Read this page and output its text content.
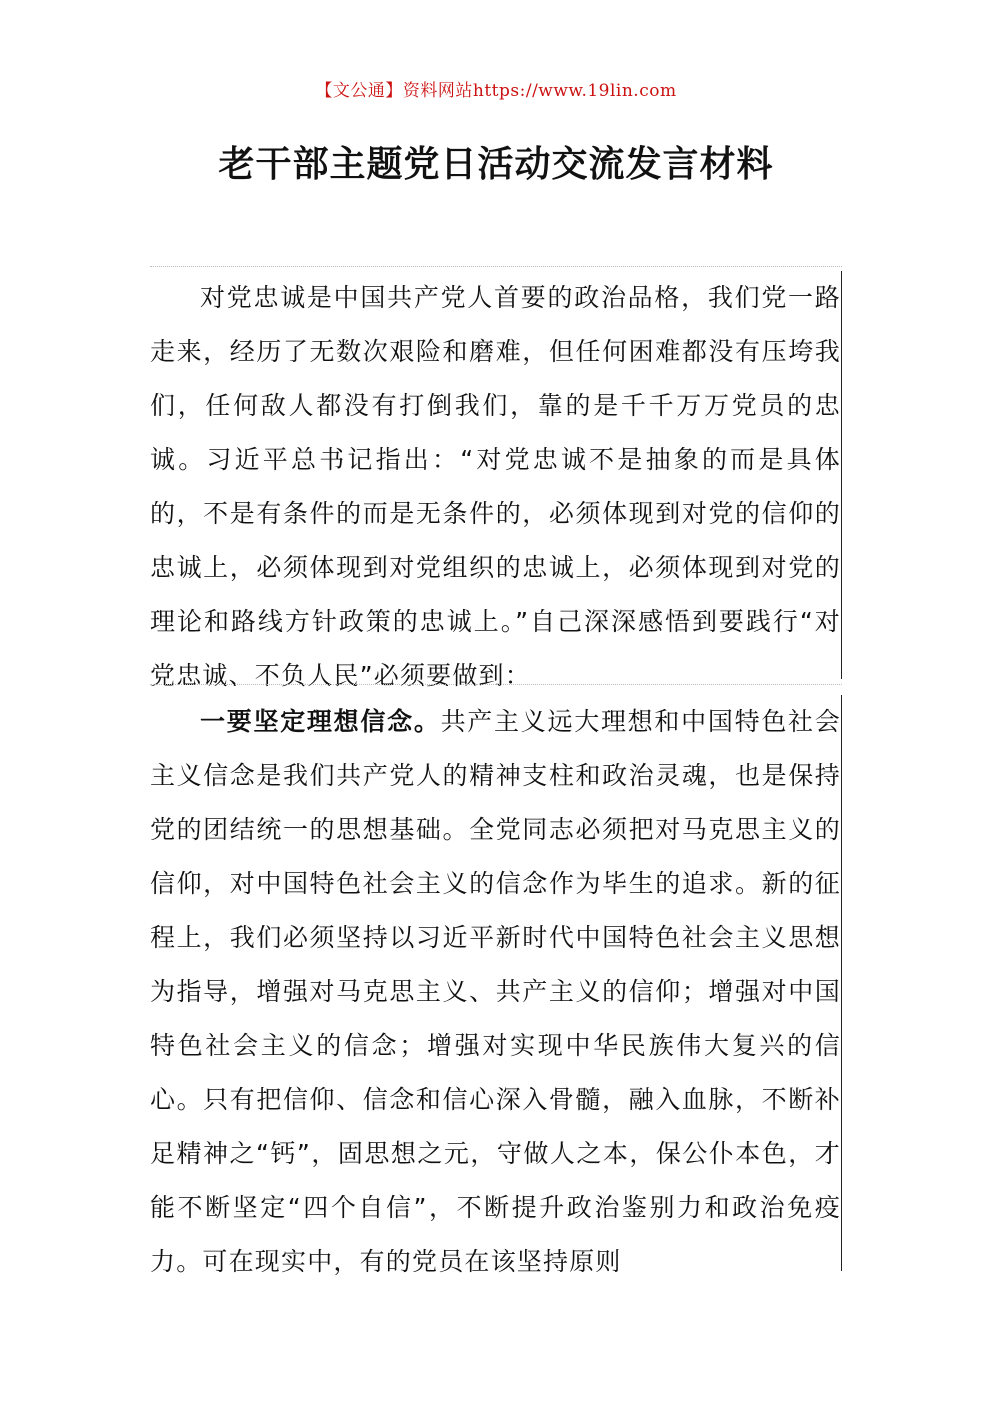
【文公通】资料网站https://www.19lin.com
老干部主题党日活动交流发言材料

对党忠诚是中国共产党人首要的政治品格，我们党一路走来，经历了无数次艰险和磨难，但任何困难都没有压垮我们，任何敌人都没有打倒我们，靠的是千千万万党员的忠诚。习近平总书记指出：“对党忠诚不是抽象的而是具体的，不是有条件的而是无条件的，必须体现到对党的信仰的忠诚上，必须体现到对党组织的忠诚上，必须体现到对党的理论和路线方针政策的忠诚上。”自己深深感悟到要践行“对党忠诚、不负人民”必须要做到：

一要坚定理想信念。共产主义远大理想和中国特色社会主义信念是我们共产党人的精神支柱和政治灵魂，也是保持党的团结统一的思想基础。全党同志必须把对马克思主义的信仰，对中国特色社会主义的信念作为毕生的追求。新的征程上，我们必须坚持以习近平新时代中国特色社会主义思想为指导，增强对马克思主义、共产主义的信仰；增强对中国特色社会主义的信念；增强对实现中华民族伟大复兴的信心。只有把信仰、信念和信心深入骨髓，融入血脉，不断补足精神之“钙”，固思想之元，守做人之本，保公仆本色，才能不断坚定“四个自信”，不断提升政治鉴别力和政治免疫力。可在现实中，有的党员在该坚持原则
